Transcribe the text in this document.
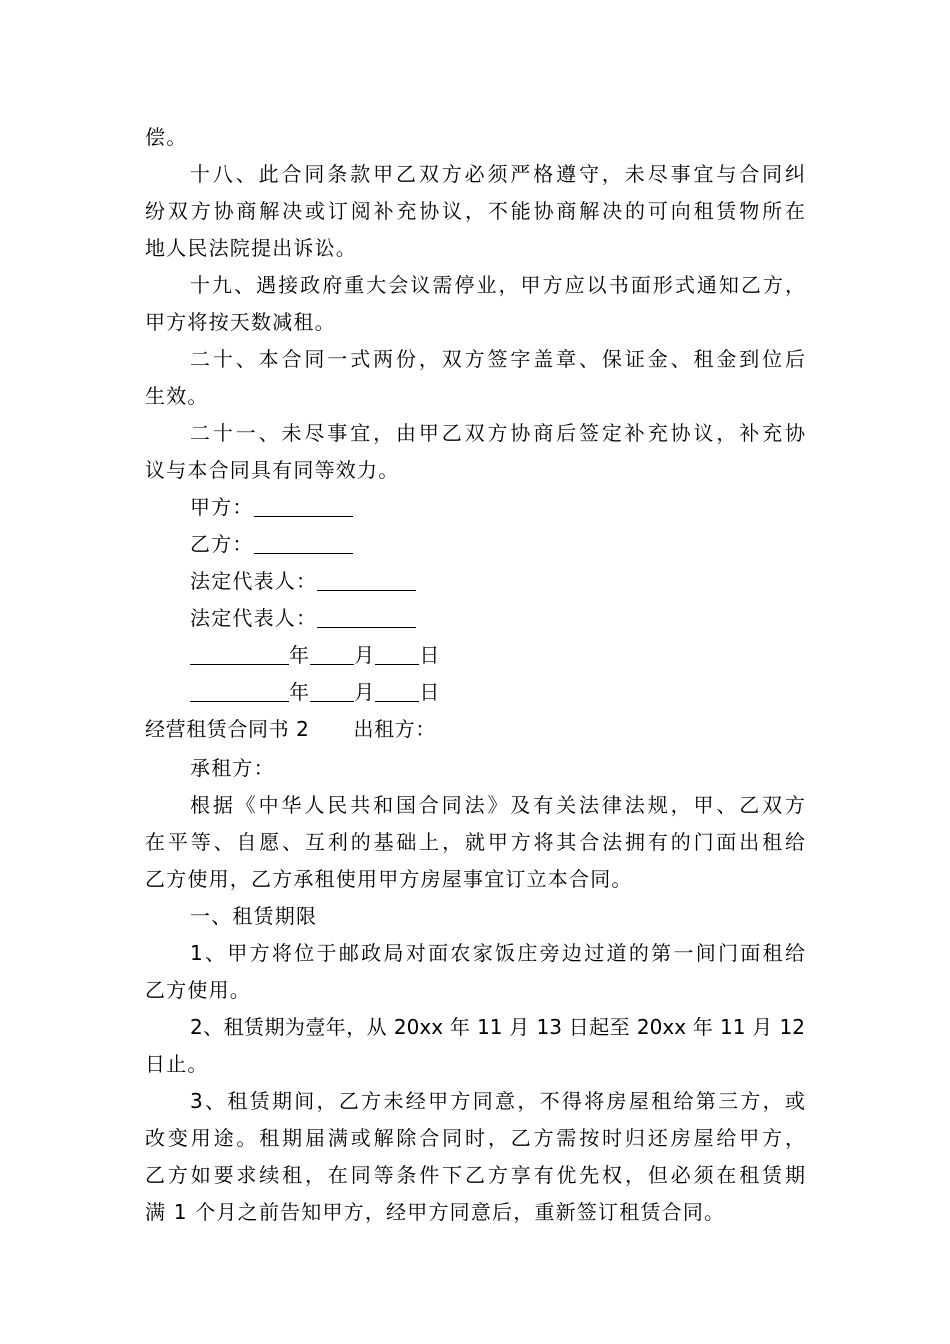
偿。
十八、此合同条款甲乙双方必须严格遵守，未尽事宜与合同纠
纷双方协商解决或订阅补充协议，不能协商解决的可向租赁物所在
地人民法院提出诉讼。
十九、遇接政府重大会议需停业，甲方应以书面形式通知乙方，
甲方将按天数减租。
二十、本合同一式两份，双方签字盖章、保证金、租金到位后
生效。
二十一、未尽事宜，由甲乙双方协商后签定补充协议，补充协
议与本合同具有同等效力。
甲方：
乙方：
法定代表人：
法定代表人：
年 月 日
年 月 日
经营租赁合同书 2 出租方：
承租方：
根据《中华人民共和国合同法》及有关法律法规，甲、乙双方
在平等、自愿、互利的基础上，就甲方将其合法拥有的门面出租给
乙方使用，乙方承租使用甲方房屋事宜订立本合同。
一、租赁期限
1、甲方将位于邮政局对面农家饭庄旁边过道的第一间门面租给
乙方使用。
2、租赁期为壹年，从 20xx 年 11 月 13 日起至 20xx 年 11 月 12
日止。
3、租赁期间，乙方未经甲方同意，不得将房屋租给第三方，或
改变用途。租期届满或解除合同时，乙方需按时归还房屋给甲方，
乙方如要求续租，在同等条件下乙方享有优先权，但必须在租赁期
满 1 个月之前告知甲方，经甲方同意后，重新签订租赁合同。
